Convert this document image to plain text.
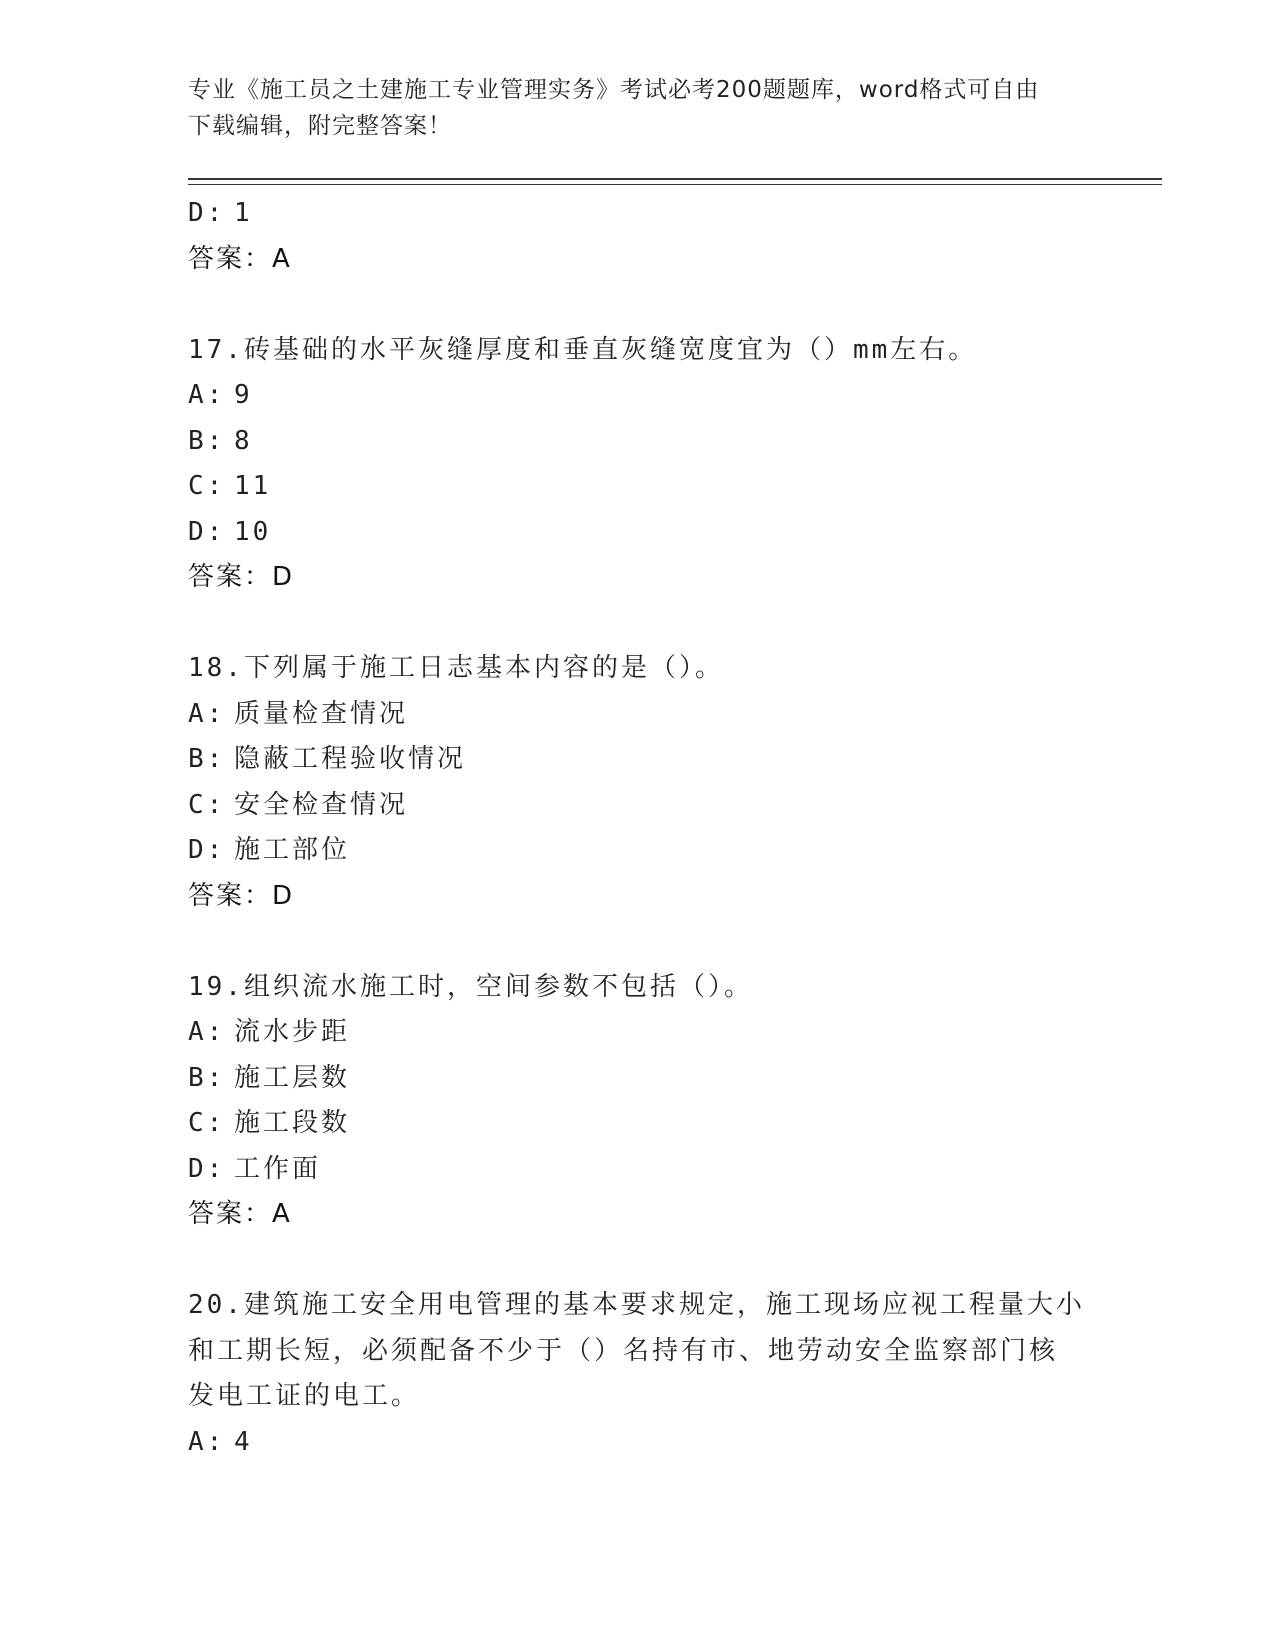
专业《施工员之土建施工专业管理实务》考试必考200题题库，word格式可自由
下载编辑，附完整答案！
D: 1
答案：A
17.砖基础的水平灰缝厚度和垂直灰缝宽度宜为（）mm左右。
A: 9
B: 8
C: 11
D: 10
答案：D
18.下列属于施工日志基本内容的是（）。
A: 质量检查情况
B: 隐蔽工程验收情况
C: 安全检查情况
D: 施工部位
答案：D
19.组织流水施工时，空间参数不包括（）。
A: 流水步距
B: 施工层数
C: 施工段数
D: 工作面
答案：A
20.建筑施工安全用电管理的基本要求规定，施工现场应视工程量大小
和工期长短，必须配备不少于（）名持有市、地劳动安全监察部门核
发电工证的电工。
A: 4
